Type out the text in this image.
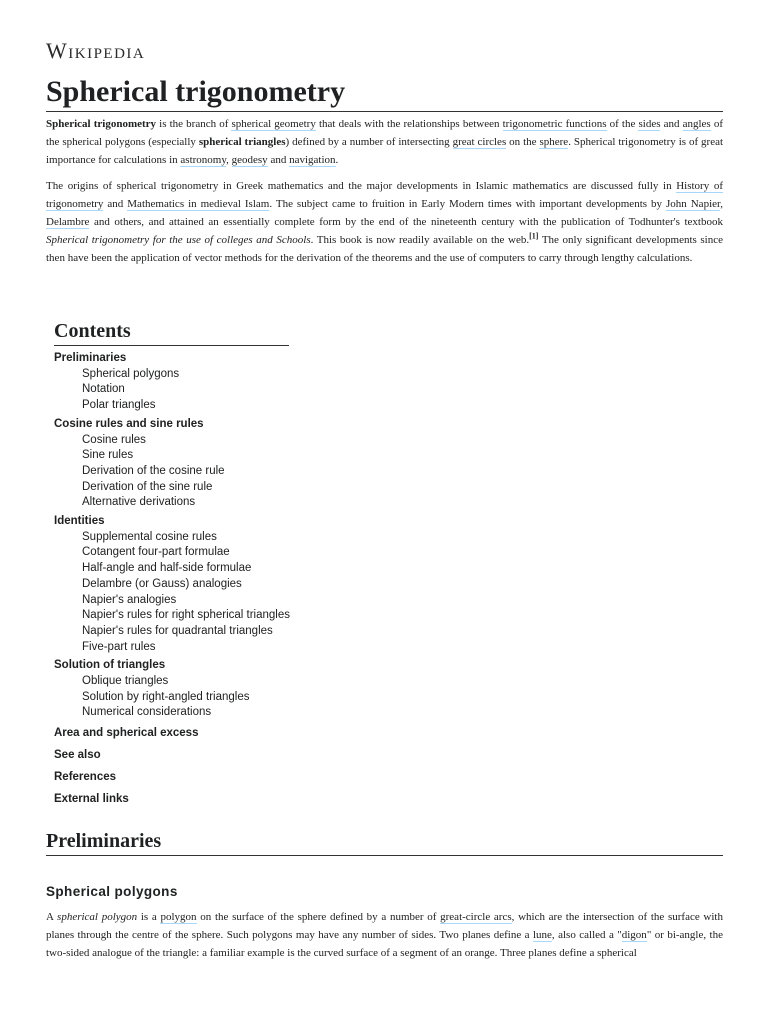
Wikipedia
Spherical trigonometry

Spherical trigonometry is the branch of spherical geometry that deals with the relationships between trigonometric functions of the sides and angles of the spherical polygons (especially spherical triangles) defined by a number of intersecting great circles on the sphere. Spherical trigonometry is of great importance for calculations in astronomy, geodesy and navigation.

The origins of spherical trigonometry in Greek mathematics and the major developments in Islamic mathematics are discussed fully in History of trigonometry and Mathematics in medieval Islam. The subject came to fruition in Early Modern times with important developments by John Napier, Delambre and others, and attained an essentially complete form by the end of the nineteenth century with the publication of Todhunter's textbook Spherical trigonometry for the use of colleges and Schools. This book is now readily available on the web.[1] The only significant developments since then have been the application of vector methods for the derivation of the theorems and the use of computers to carry through lengthy calculations.

Contents
Preliminaries
Spherical polygons
Notation
Polar triangles
Cosine rules and sine rules
Cosine rules
Sine rules
Derivation of the cosine rule
Derivation of the sine rule
Alternative derivations
Identities
Supplemental cosine rules
Cotangent four-part formulae
Half-angle and half-side formulae
Delambre (or Gauss) analogies
Napier's analogies
Napier's rules for right spherical triangles
Napier's rules for quadrantal triangles
Five-part rules
Solution of triangles
Oblique triangles
Solution by right-angled triangles
Numerical considerations
Area and spherical excess
See also
References
External links
Preliminaries
Spherical polygons

A spherical polygon is a polygon on the surface of the sphere defined by a number of great-circle arcs, which are the intersection of the surface with planes through the centre of the sphere. Such polygons may have any number of sides. Two planes define a lune, also called a "digon" or bi-angle, the two-sided analogue of the triangle: a familiar example is the curved surface of a segment of an orange. Three planes define a spherical
